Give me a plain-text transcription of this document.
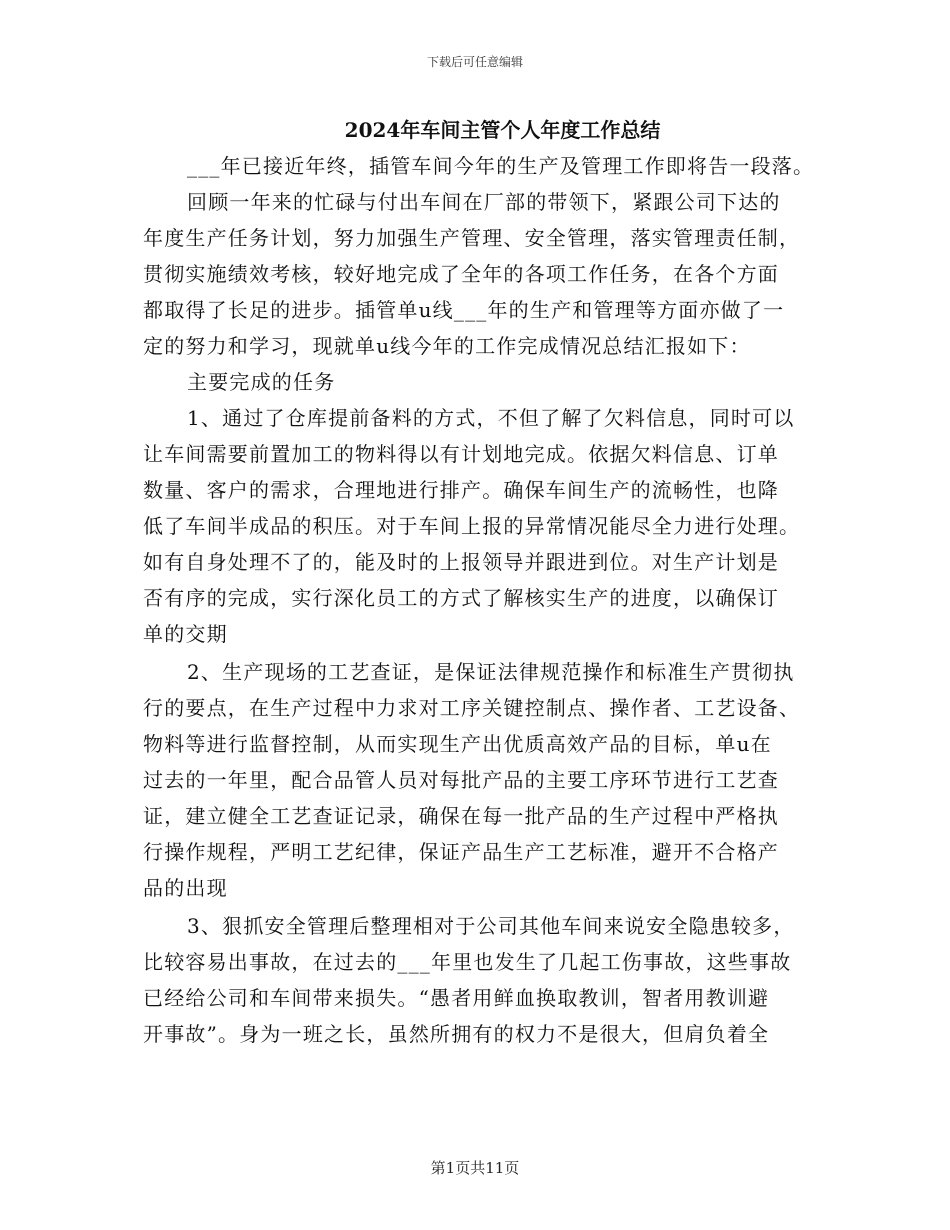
下载后可任意编辑
2024年车间主管个人年度工作总结
___年已接近年终，插管车间今年的生产及管理工作即将告一段落。
回顾一年来的忙碌与付出车间在厂部的带领下，紧跟公司下达的
年度生产任务计划，努力加强生产管理、安全管理，落实管理责任制，
贯彻实施绩效考核，较好地完成了全年的各项工作任务，在各个方面
都取得了长足的进步。插管单u线___年的生产和管理等方面亦做了一
定的努力和学习，现就单u线今年的工作完成情况总结汇报如下：
主要完成的任务
1、通过了仓库提前备料的方式，不但了解了欠料信息，同时可以
让车间需要前置加工的物料得以有计划地完成。依据欠料信息、订单
数量、客户的需求，合理地进行排产。确保车间生产的流畅性，也降
低了车间半成品的积压。对于车间上报的异常情况能尽全力进行处理。
如有自身处理不了的，能及时的上报领导并跟进到位。对生产计划是
否有序的完成，实行深化员工的方式了解核实生产的进度，以确保订
单的交期
2、生产现场的工艺查证，是保证法律规范操作和标准生产贯彻执
行的要点，在生产过程中力求对工序关键控制点、操作者、工艺设备、
物料等进行监督控制，从而实现生产出优质高效产品的目标，单u在
过去的一年里，配合品管人员对每批产品的主要工序环节进行工艺查
证，建立健全工艺查证记录，确保在每一批产品的生产过程中严格执
行操作规程，严明工艺纪律，保证产品生产工艺标准，避开不合格产
品的出现
3、狠抓安全管理后整理相对于公司其他车间来说安全隐患较多，
比较容易出事故，在过去的___年里也发生了几起工伤事故，这些事故
已经给公司和车间带来损失。“愚者用鲜血换取教训，智者用教训避
开事故”。身为一班之长，虽然所拥有的权力不是很大，但肩负着全
第1页共11页
